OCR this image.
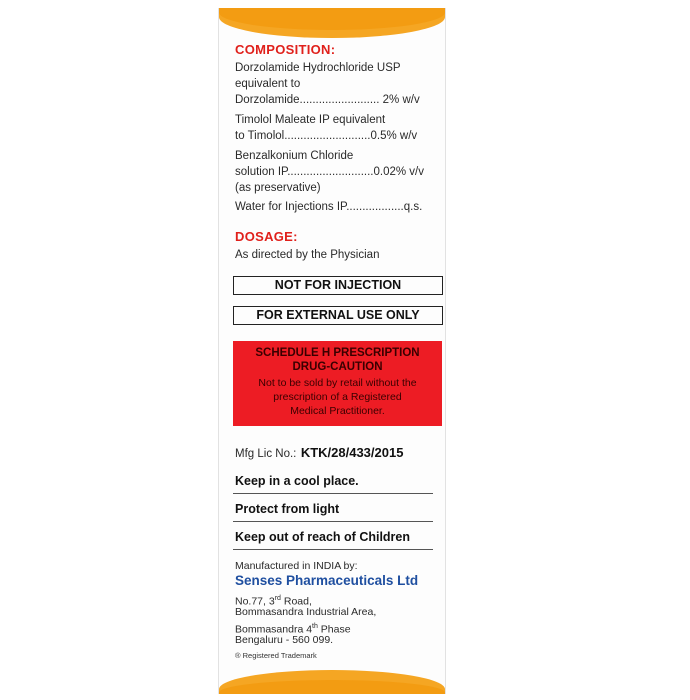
COMPOSITION:
Dorzolamide Hydrochloride USP
equivalent to
Dorzolamide......................... 2% w/v
Timolol Maleate IP equivalent
to Timolol...........................0.5% w/v
Benzalkonium Chloride
solution IP...........................0.02% v/v
(as preservative)
Water for Injections IP..................q.s.
DOSAGE:
As directed by the Physician
NOT FOR INJECTION
FOR EXTERNAL USE ONLY
SCHEDULE H PRESCRIPTION
DRUG-CAUTION
Not to be sold by retail without the
prescription of a Registered
Medical Practitioner.
Mfg Lic No.: KTK/28/433/2015
Keep in a cool place.
Protect from light
Keep out of reach of Children
Manufactured in INDIA by:
Senses Pharmaceuticals Ltd
No.77, 3rd Road,
Bommasandra Industrial Area,
Bommasandra 4th Phase
Bengaluru - 560 099.
® Registered Trademark
